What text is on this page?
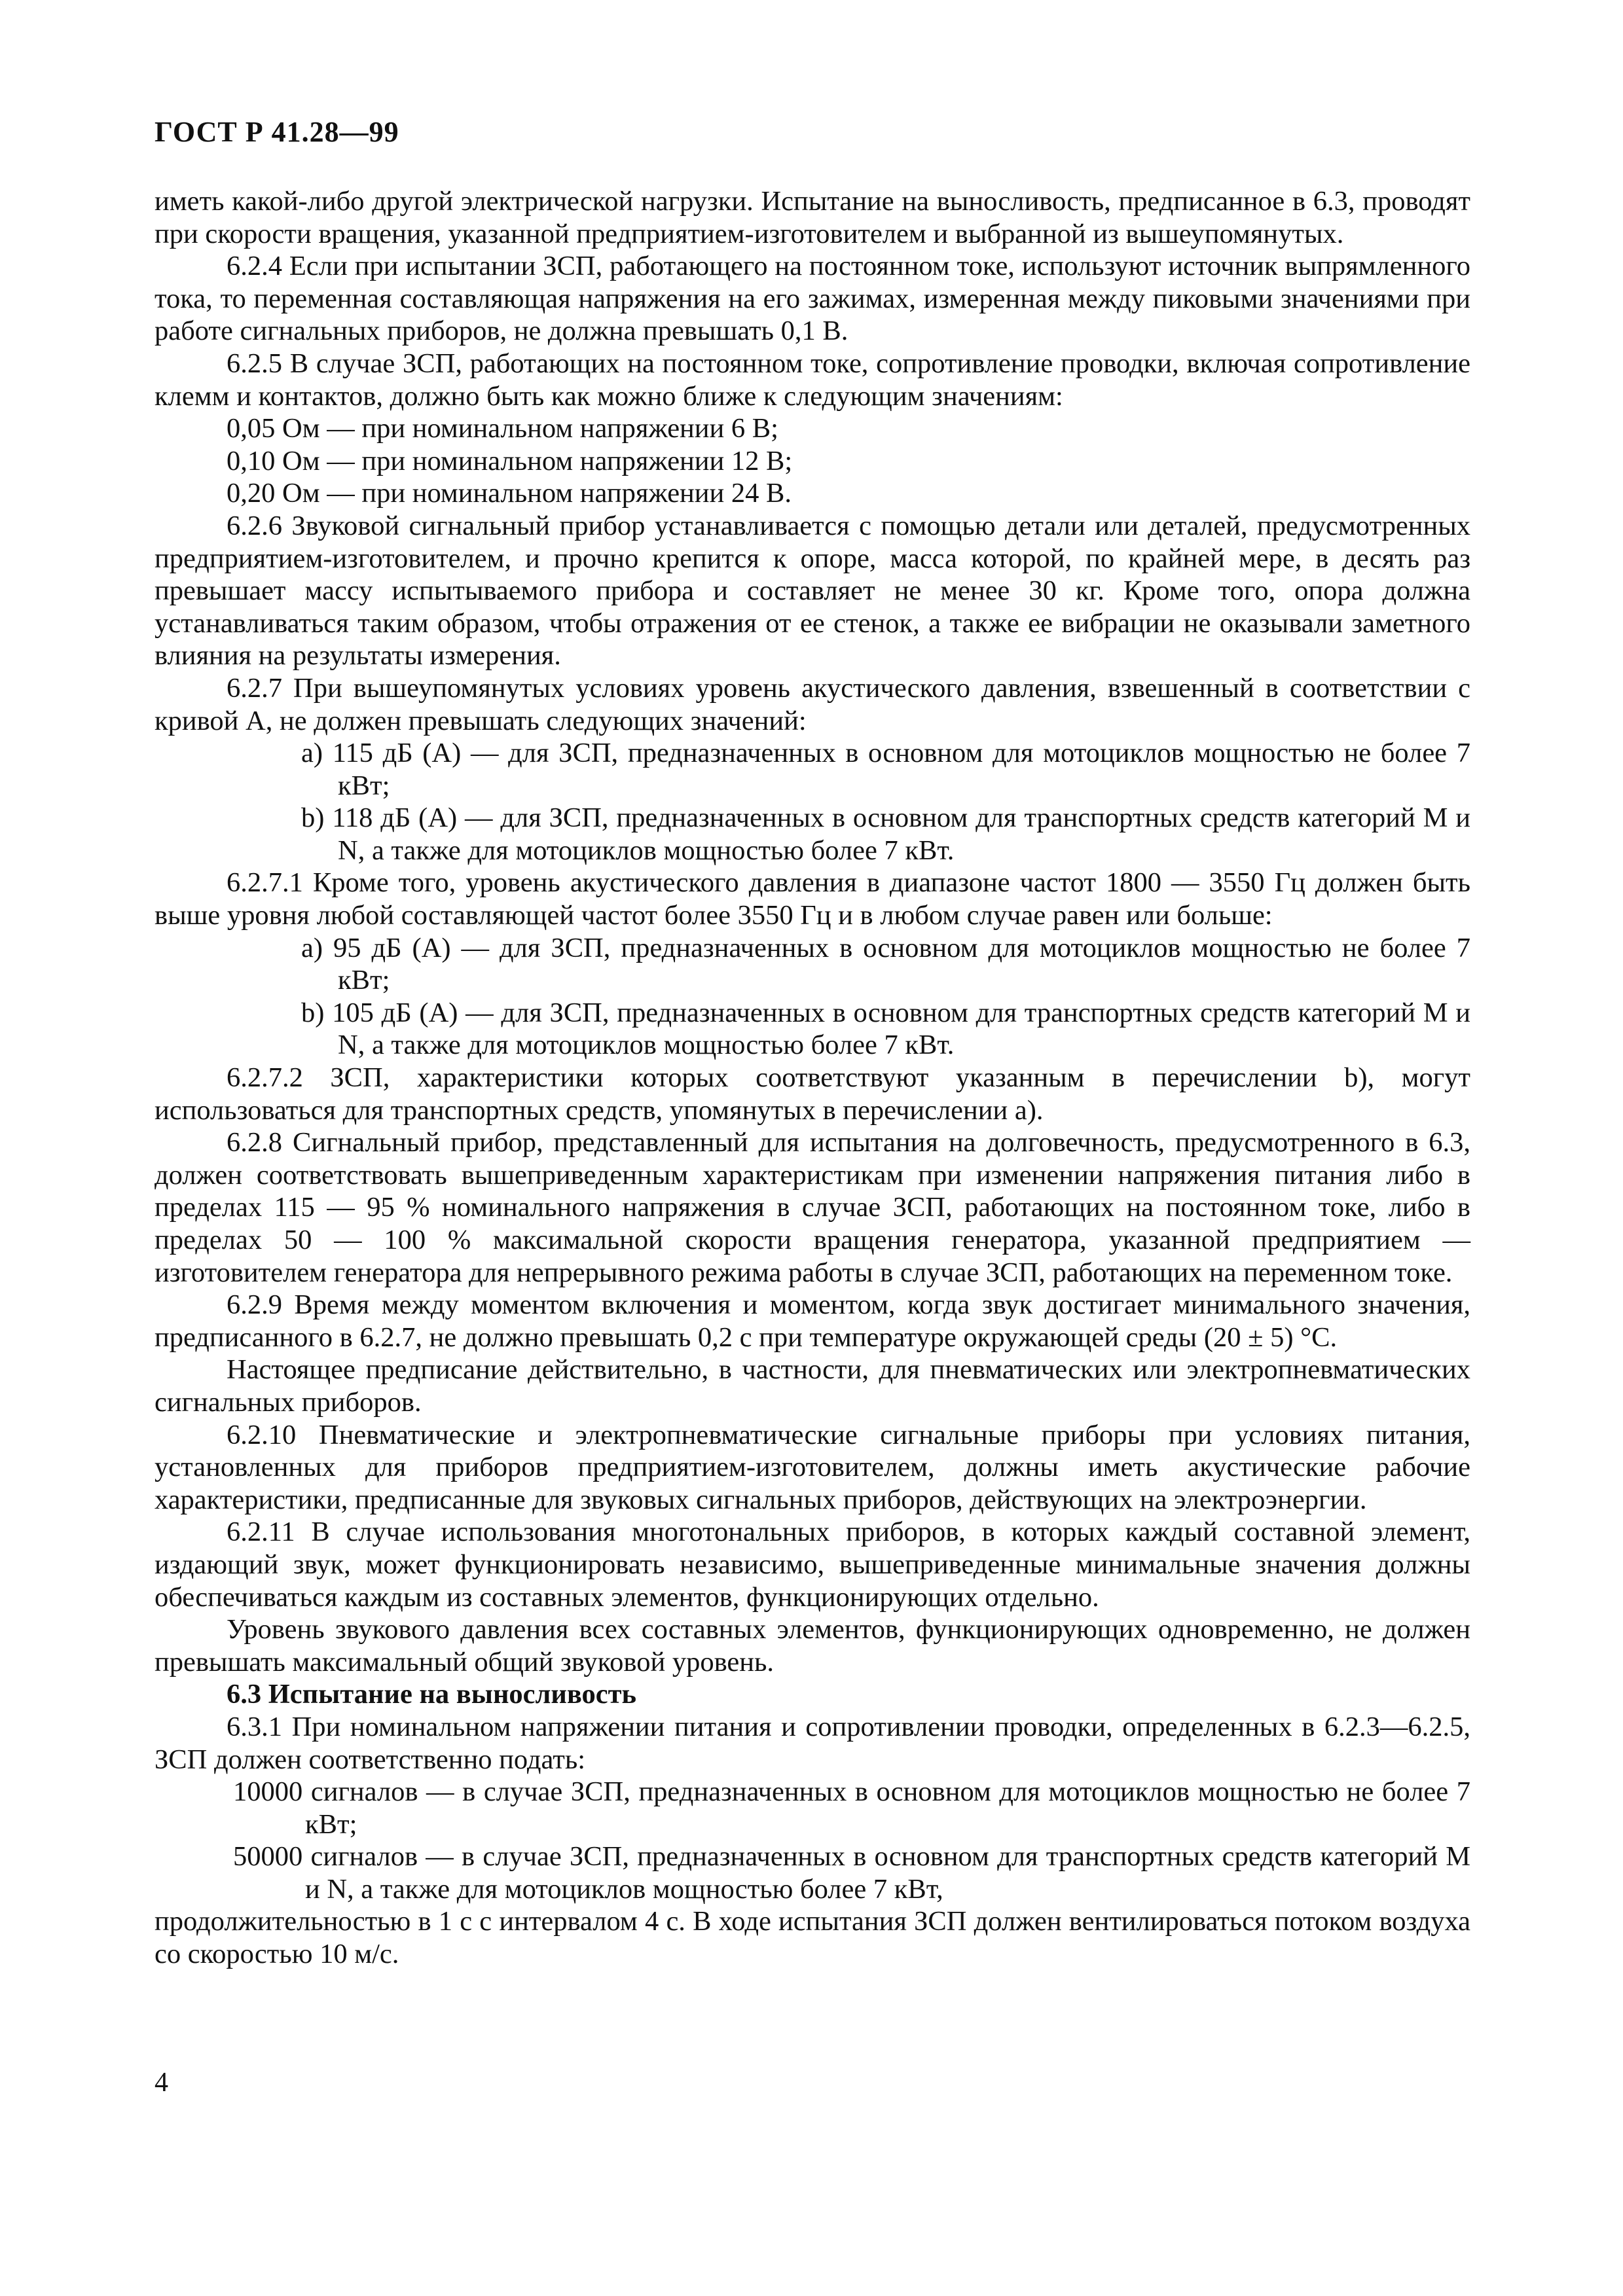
ГОСТ Р 41.28—99

иметь какой-либо другой электрической нагрузки. Испытание на выносливость, предписанное в 6.3, проводят при скорости вращения, указанной предприятием-изготовителем и выбранной из вышеупомянутых.

6.2.4 Если при испытании ЗСП, работающего на постоянном токе, используют источник выпрямленного тока, то переменная составляющая напряжения на его зажимах, измеренная между пиковыми значениями при работе сигнальных приборов, не должна превышать 0,1 В.

6.2.5 В случае ЗСП, работающих на постоянном токе, сопротивление проводки, включая сопротивление клемм и контактов, должно быть как можно ближе к следующим значениям:

0,05 Ом — при номинальном напряжении 6 В;

0,10 Ом — при номинальном напряжении 12 В;

0,20 Ом — при номинальном напряжении 24 В.

6.2.6 Звуковой сигнальный прибор устанавливается с помощью детали или деталей, предусмотренных предприятием-изготовителем, и прочно крепится к опоре, масса которой, по крайней мере, в десять раз превышает массу испытываемого прибора и составляет не менее 30 кг. Кроме того, опора должна устанавливаться таким образом, чтобы отражения от ее стенок, а также ее вибрации не оказывали заметного влияния на результаты измерения.

6.2.7 При вышеупомянутых условиях уровень акустического давления, взвешенный в соответствии с кривой А, не должен превышать следующих значений:

а) 115 дБ (А) — для ЗСП, предназначенных в основном для мотоциклов мощностью не более 7 кВт;

b) 118 дБ (А) — для ЗСП, предназначенных в основном для транспортных средств категорий М и N, а также для мотоциклов мощностью более 7 кВт.

6.2.7.1 Кроме того, уровень акустического давления в диапазоне частот 1800 — 3550 Гц должен быть выше уровня любой составляющей частот более 3550 Гц и в любом случае равен или больше:

а) 95 дБ (А) — для ЗСП, предназначенных в основном для мотоциклов мощностью не более 7 кВт;

b) 105 дБ (А) — для ЗСП, предназначенных в основном для транспортных средств категорий М и N, а также для мотоциклов мощностью более 7 кВт.

6.2.7.2 ЗСП, характеристики которых соответствуют указанным в перечислении b), могут использоваться для транспортных средств, упомянутых в перечислении а).

6.2.8 Сигнальный прибор, представленный для испытания на долговечность, предусмотренного в 6.3, должен соответствовать вышеприведенным характеристикам при изменении напряжения питания либо в пределах 115 — 95 % номинального напряжения в случае ЗСП, работающих на постоянном токе, либо в пределах 50 — 100 % максимальной скорости вращения генератора, указанной предприятием — изготовителем генератора для непрерывного режима работы в случае ЗСП, работающих на переменном токе.

6.2.9 Время между моментом включения и моментом, когда звук достигает минимального значения, предписанного в 6.2.7, не должно превышать 0,2 с при температуре окружающей среды (20 ± 5) °С.

Настоящее предписание действительно, в частности, для пневматических или электропневматических сигнальных приборов.

6.2.10 Пневматические и электропневматические сигнальные приборы при условиях питания, установленных для приборов предприятием-изготовителем, должны иметь акустические рабочие характеристики, предписанные для звуковых сигнальных приборов, действующих на электроэнергии.

6.2.11 В случае использования многотональных приборов, в которых каждый составной элемент, издающий звук, может функционировать независимо, вышеприведенные минимальные значения должны обеспечиваться каждым из составных элементов, функционирующих отдельно.

Уровень звукового давления всех составных элементов, функционирующих одновременно, не должен превышать максимальный общий звуковой уровень.

6.3 Испытание на выносливость

6.3.1 При номинальном напряжении питания и сопротивлении проводки, определенных в 6.2.3—6.2.5, ЗСП должен соответственно подать:

10000 сигналов — в случае ЗСП, предназначенных в основном для мотоциклов мощностью не более 7 кВт;

50000 сигналов — в случае ЗСП, предназначенных в основном для транспортных средств категорий М и N, а также для мотоциклов мощностью более 7 кВт,

продолжительностью в 1 с с интервалом 4 с. В ходе испытания ЗСП должен вентилироваться потоком воздуха со скоростью 10 м/с.

4
